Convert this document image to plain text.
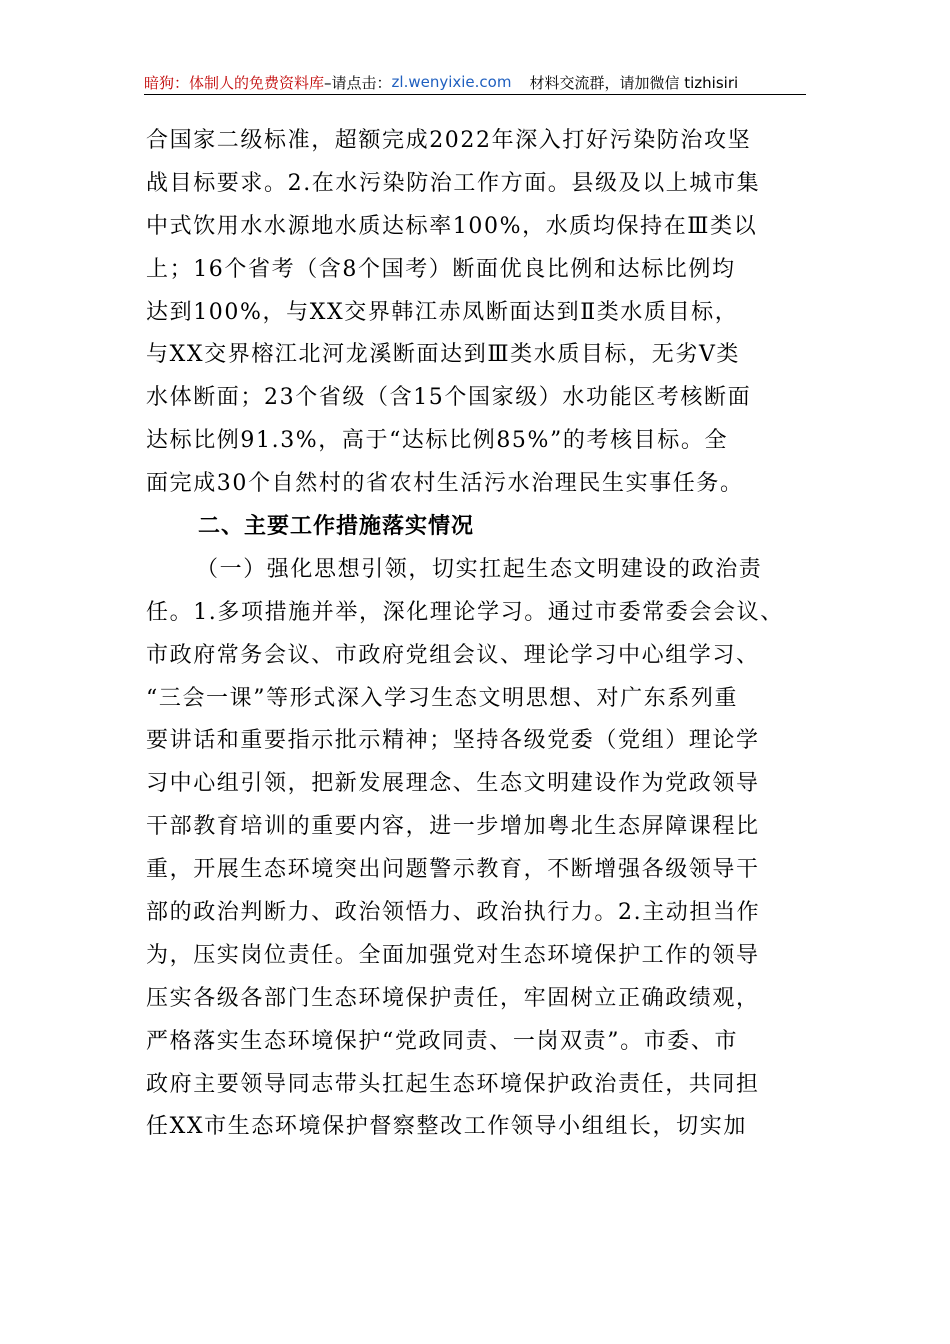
暗狗：体制人的免费资料库 –请点击： zl.wenyixie.com 材料交流群，请加微信 tizhisiri
合国家二级标准，超额完成2022年深入打好污染防治攻坚
战目标要求。2.在水污染防治工作方面。县级及以上城市集
中式饮用水水源地水质达标率100%，水质均保持在Ⅲ类以
上；16个省考（含8个国考）断面优良比例和达标比例均
达到100%，与XX交界韩江赤凤断面达到Ⅱ类水质目标，
与XX交界榕江北河龙溪断面达到Ⅲ类水质目标，无劣Ⅴ类
水体断面；23个省级（含15个国家级）水功能区考核断面
达标比例91.3%，高于“达标比例85%”的考核目标。全
面完成30个自然村的省农村生活污水治理民生实事任务。
二、主要工作措施落实情况
（一）强化思想引领，切实扛起生态文明建设的政治责
任。1.多项措施并举，深化理论学习。通过市委常委会会议、
市政府常务会议、市政府党组会议、理论学习中心组学习、
“三会一课”等形式深入学习生态文明思想、对广东系列重
要讲话和重要指示批示精神；坚持各级党委（党组）理论学
习中心组引领，把新发展理念、生态文明建设作为党政领导
干部教育培训的重要内容，进一步增加粤北生态屏障课程比
重，开展生态环境突出问题警示教育，不断增强各级领导干
部的政治判断力、政治领悟力、政治执行力。2.主动担当作
为，压实岗位责任。全面加强党对生态环境保护工作的领导
压实各级各部门生态环境保护责任，牢固树立正确政绩观，
严格落实生态环境保护“党政同责、一岗双责”。市委、市
政府主要领导同志带头扛起生态环境保护政治责任，共同担
任XX市生态环境保护督察整改工作领导小组组长，切实加
